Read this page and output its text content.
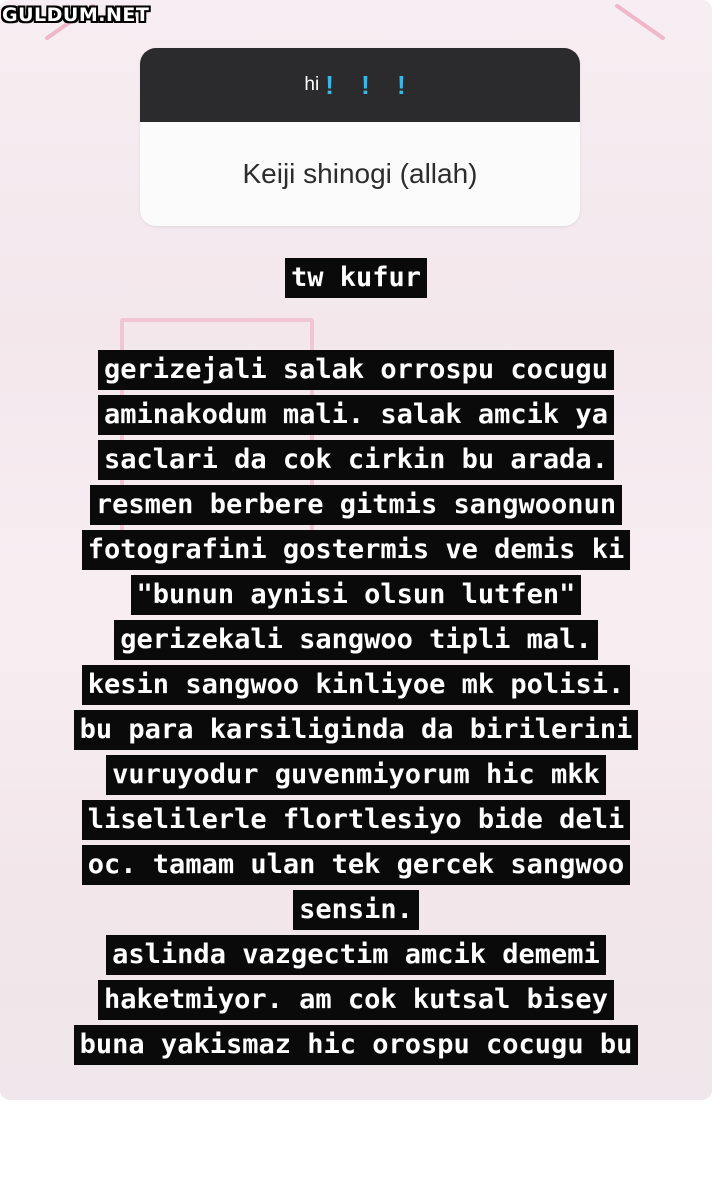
hi ! ! !
Keiji shinogi (allah)
tw kufur
gerizejali salak orrospu cocugu
aminakodum mali. salak amcik ya
saclari da cok cirkin bu arada.
resmen berbere gitmis sangwoonun
fotografini gostermis ve demis ki
"bunun aynisi olsun lutfen"
gerizekali sangwoo tipli mal.
kesin sangwoo kinliyoe mk polisi.
bu para karsiliginda da birilerini
vuruyodur guvenmiyorum hic mkk
liselilerle flortlesiyo bide deli
oc. tamam ulan tek gercek sangwoo
sensin.
aslinda vazgectim amcik dememi
haketmiyor. am cok kutsal bisey
buna yakismaz hic orospu cocugu bu
GULDUM.NET
